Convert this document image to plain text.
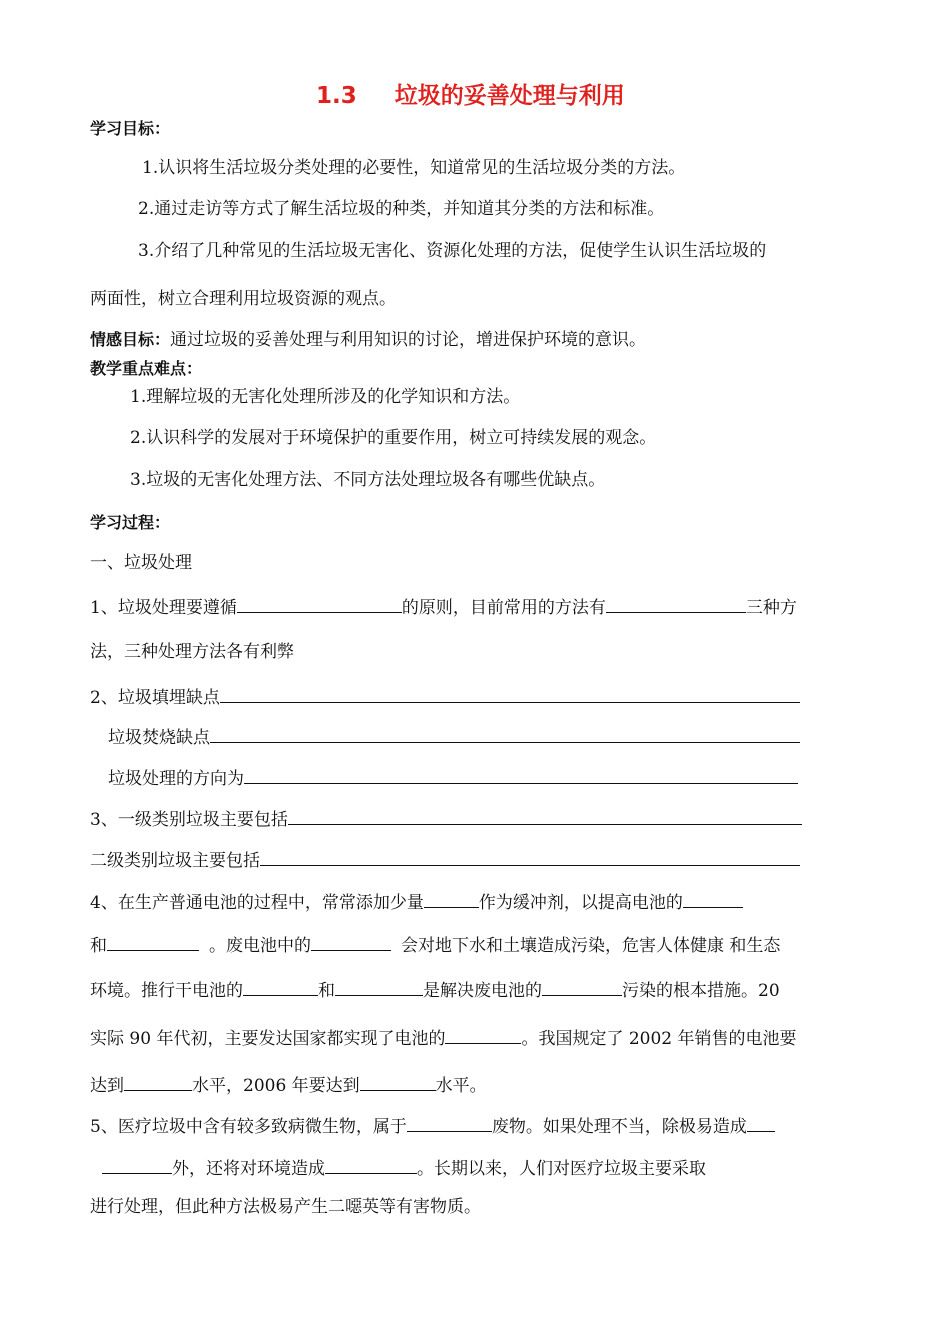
1.3 垃圾的妥善处理与利用
学习目标：
1.认识将生活垃圾分类处理的必要性，知道常见的生活垃圾分类的方法。
2.通过走访等方式了解生活垃圾的种类，并知道其分类的方法和标准。
3.介绍了几种常见的生活垃圾无害化、资源化处理的方法，促使学生认识生活垃圾的
两面性，树立合理利用垃圾资源的观点。
情感目标：通过垃圾的妥善处理与利用知识的讨论，增进保护环境的意识。
教学重点难点：
1.理解垃圾的无害化处理所涉及的化学知识和方法。
2.认识科学的发展对于环境保护的重要作用，树立可持续发展的观念。
3.垃圾的无害化处理方法、不同方法处理垃圾各有哪些优缺点。
学习过程：
一、垃圾处理
1、垃圾处理要遵循	的原则，目前常用的方法有	三种方
法，三种处理方法各有利弊
2、垃圾填埋缺点
垃圾焚烧缺点
垃圾处理的方向为
3、一级类别垃圾主要包括
二级类别垃圾主要包括
4、在生产普通电池的过程中，常常添加少量	作为缓冲剂，以提高电池的
和	。废电池中的	会对地下水和土壤造成污染，危害人体健康 和生态
环境。推行干电池的	和	是解决废电池的	污染的根本措施。20
实际 90 年代初，主要发达国家都实现了电池的	。我国规定了 2002 年销售的电池要
达到	水平，2006 年要达到	水平。
5、医疗垃圾中含有较多致病微生物，属于	废物。如果处理不当，除极易造成
外，还将对环境造成	。长期以来，人们对医疗垃圾主要采取
进行处理，但此种方法极易产生二噁英等有害物质。
